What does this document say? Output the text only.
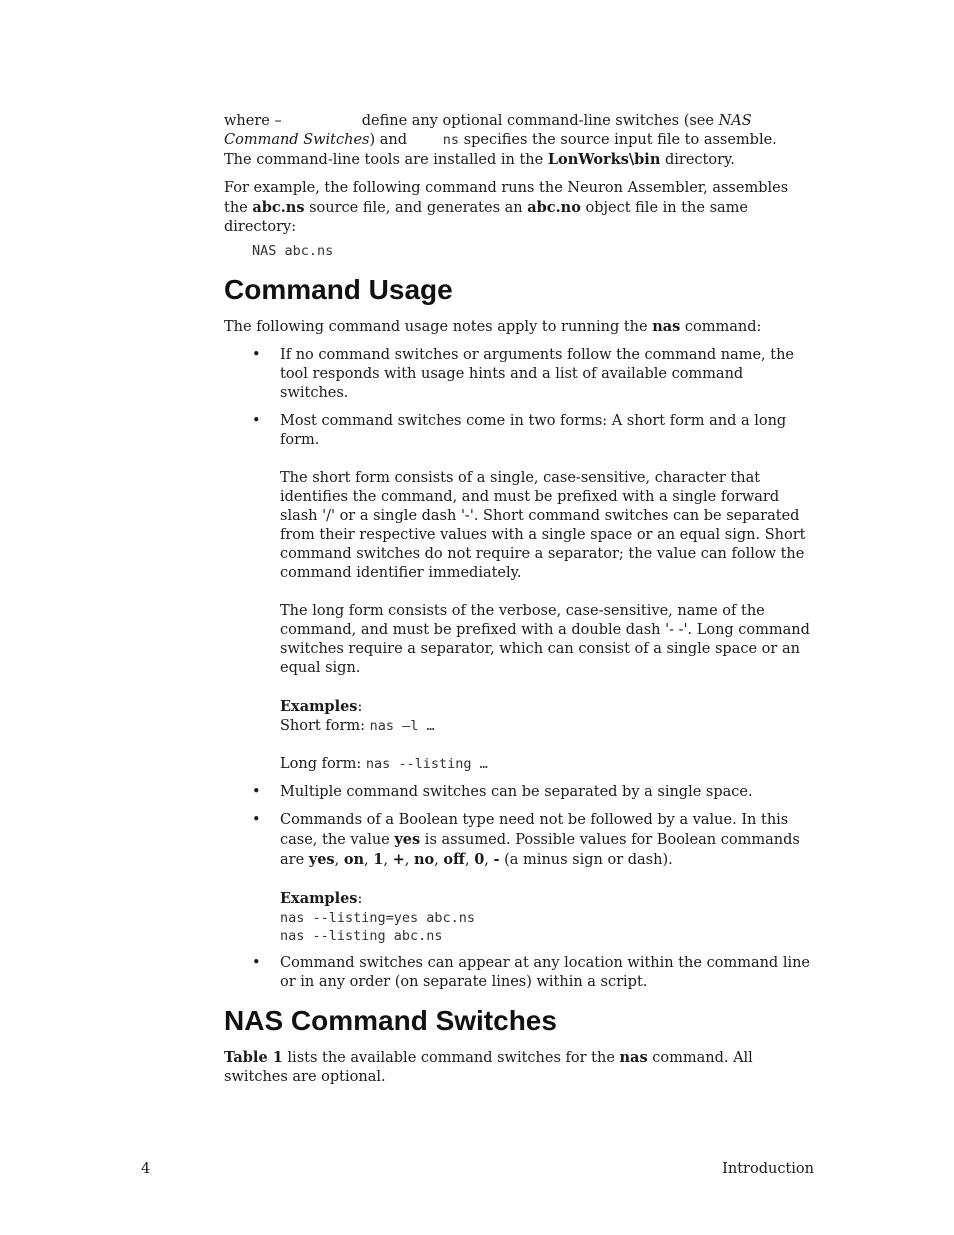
where –	define any optional command-line switches (see NAS Command Switches) and	ns specifies the source input file to assemble.
The command-line tools are installed in the LonWorks\bin directory.

For example, the following command runs the Neuron Assembler, assembles the abc.ns source file, and generates an abc.no object file in the same directory:

NAS abc.ns

Command Usage

The following command usage notes apply to running the nas command:

• If no command switches or arguments follow the command name, the tool responds with usage hints and a list of available command switches.

• Most command switches come in two forms: A short form and a long form.

The short form consists of a single, case-sensitive, character that identifies the command, and must be prefixed with a single forward slash '/' or a single dash '-'. Short command switches can be separated from their respective values with a single space or an equal sign. Short command switches do not require a separator; the value can follow the command identifier immediately.

The long form consists of the verbose, case-sensitive, name of the command, and must be prefixed with a double dash '- -'. Long command switches require a separator, which can consist of a single space or an equal sign.

Examples:

Short form: nas –l …

Long form: nas --listing …

• Multiple command switches can be separated by a single space.

• Commands of a Boolean type need not be followed by a value. In this case, the value yes is assumed. Possible values for Boolean commands are yes, on, 1, +, no, off, 0, - (a minus sign or dash).

Examples:

nas --listing=yes abc.ns

nas --listing abc.ns

• Command switches can appear at any location within the command line or in any order (on separate lines) within a script.
NAS Command Switches

Table 1 lists the available command switches for the nas command. All switches are optional.

4	Introduction
